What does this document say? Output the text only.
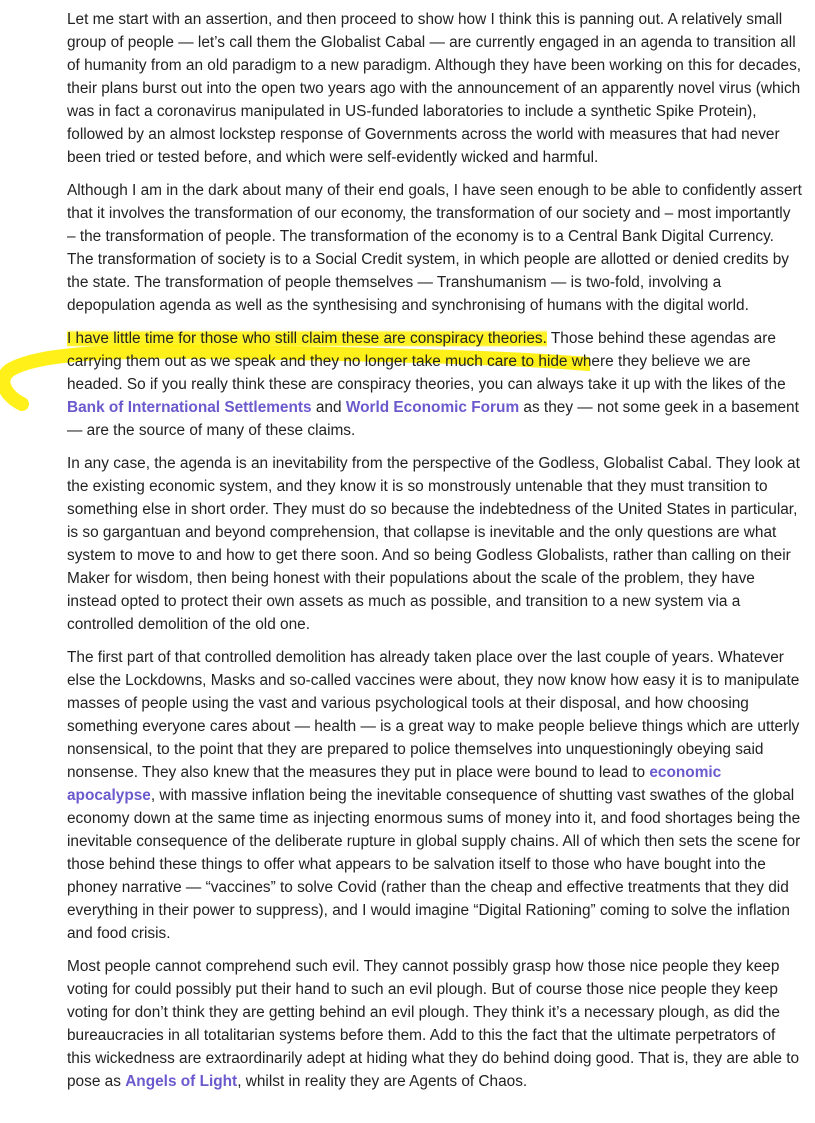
Let me start with an assertion, and then proceed to show how I think this is panning out. A relatively small group of people — let’s call them the Globalist Cabal — are currently engaged in an agenda to transition all of humanity from an old paradigm to a new paradigm. Although they have been working on this for decades, their plans burst out into the open two years ago with the announcement of an apparently novel virus (which was in fact a coronavirus manipulated in US-funded laboratories to include a synthetic Spike Protein), followed by an almost lockstep response of Governments across the world with measures that had never been tried or tested before, and which were self-evidently wicked and harmful.

Although I am in the dark about many of their end goals, I have seen enough to be able to confidently assert that it involves the transformation of our economy, the transformation of our society and – most importantly – the transformation of people. The transformation of the economy is to a Central Bank Digital Currency. The transformation of society is to a Social Credit system, in which people are allotted or denied credits by the state. The transformation of people themselves — Transhumanism — is two-fold, involving a depopulation agenda as well as the synthesising and synchronising of humans with the digital world.

I have little time for those who still claim these are conspiracy theories. Those behind these agendas are carrying them out as we speak and they no longer take much care to hide where they believe we are headed. So if you really think these are conspiracy theories, you can always take it up with the likes of the Bank of International Settlements and World Economic Forum as they — not some geek in a basement — are the source of many of these claims.

In any case, the agenda is an inevitability from the perspective of the Godless, Globalist Cabal. They look at the existing economic system, and they know it is so monstrously untenable that they must transition to something else in short order. They must do so because the indebtedness of the United States in particular, is so gargantuan and beyond comprehension, that collapse is inevitable and the only questions are what system to move to and how to get there soon. And so being Godless Globalists, rather than calling on their Maker for wisdom, then being honest with their populations about the scale of the problem, they have instead opted to protect their own assets as much as possible, and transition to a new system via a controlled demolition of the old one.

The first part of that controlled demolition has already taken place over the last couple of years. Whatever else the Lockdowns, Masks and so-called vaccines were about, they now know how easy it is to manipulate masses of people using the vast and various psychological tools at their disposal, and how choosing something everyone cares about — health — is a great way to make people believe things which are utterly nonsensical, to the point that they are prepared to police themselves into unquestioningly obeying said nonsense. They also knew that the measures they put in place were bound to lead to economic apocalypse, with massive inflation being the inevitable consequence of shutting vast swathes of the global economy down at the same time as injecting enormous sums of money into it, and food shortages being the inevitable consequence of the deliberate rupture in global supply chains. All of which then sets the scene for those behind these things to offer what appears to be salvation itself to those who have bought into the phoney narrative — “vaccines” to solve Covid (rather than the cheap and effective treatments that they did everything in their power to suppress), and I would imagine “Digital Rationing” coming to solve the inflation and food crisis.

Most people cannot comprehend such evil. They cannot possibly grasp how those nice people they keep voting for could possibly put their hand to such an evil plough. But of course those nice people they keep voting for don’t think they are getting behind an evil plough. They think it’s a necessary plough, as did the bureaucracies in all totalitarian systems before them. Add to this the fact that the ultimate perpetrators of this wickedness are extraordinarily adept at hiding what they do behind doing good. That is, they are able to pose as Angels of Light, whilst in reality they are Agents of Chaos.
